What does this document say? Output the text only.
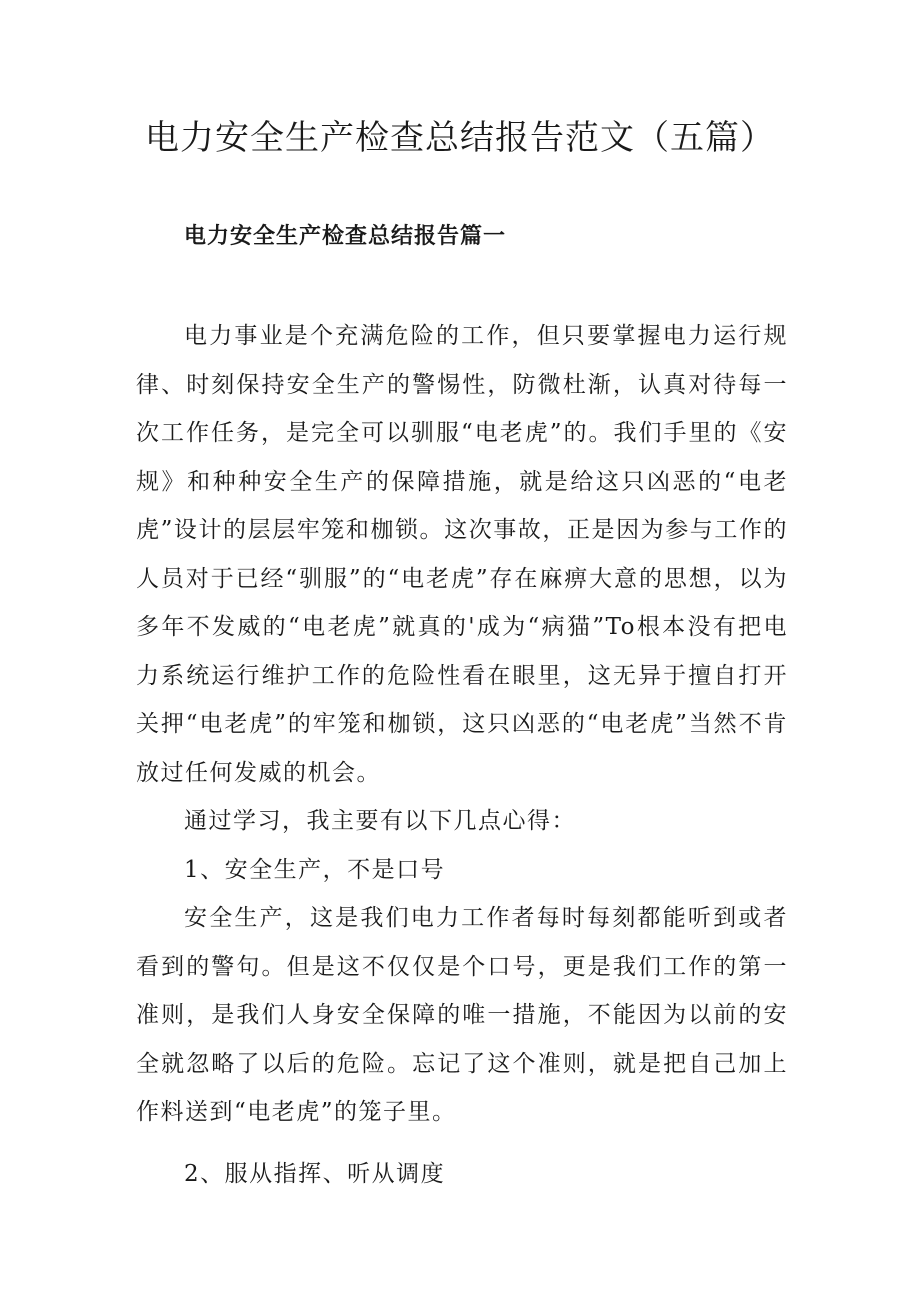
电力安全生产检查总结报告范文（五篇）
电力安全生产检查总结报告篇一

电力事业是个充满危险的工作，但只要掌握电力运行规律、时刻保持安全生产的警惕性，防微杜渐，认真对待每一次工作任务，是完全可以驯服“电老虎”的。我们手里的《安规》和种种安全生产的保障措施，就是给这只凶恶的“电老虎”设计的层层牢笼和枷锁。这次事故，正是因为参与工作的人员对于已经“驯服”的“电老虎”存在麻痹大意的思想，以为多年不发威的“电老虎”就真的'成为“病猫”To根本没有把电力系统运行维护工作的危险性看在眼里，这无异于擅自打开关押“电老虎”的牢笼和枷锁，这只凶恶的“电老虎”当然不肯放过任何发威的机会。

通过学习，我主要有以下几点心得：

1、安全生产，不是口号

安全生产，这是我们电力工作者每时每刻都能听到或者看到的警句。但是这不仅仅是个口号，更是我们工作的第一准则，是我们人身安全保障的唯一措施，不能因为以前的安全就忽略了以后的危险。忘记了这个准则，就是把自己加上作料送到“电老虎”的笼子里。

2、服从指挥、听从调度
